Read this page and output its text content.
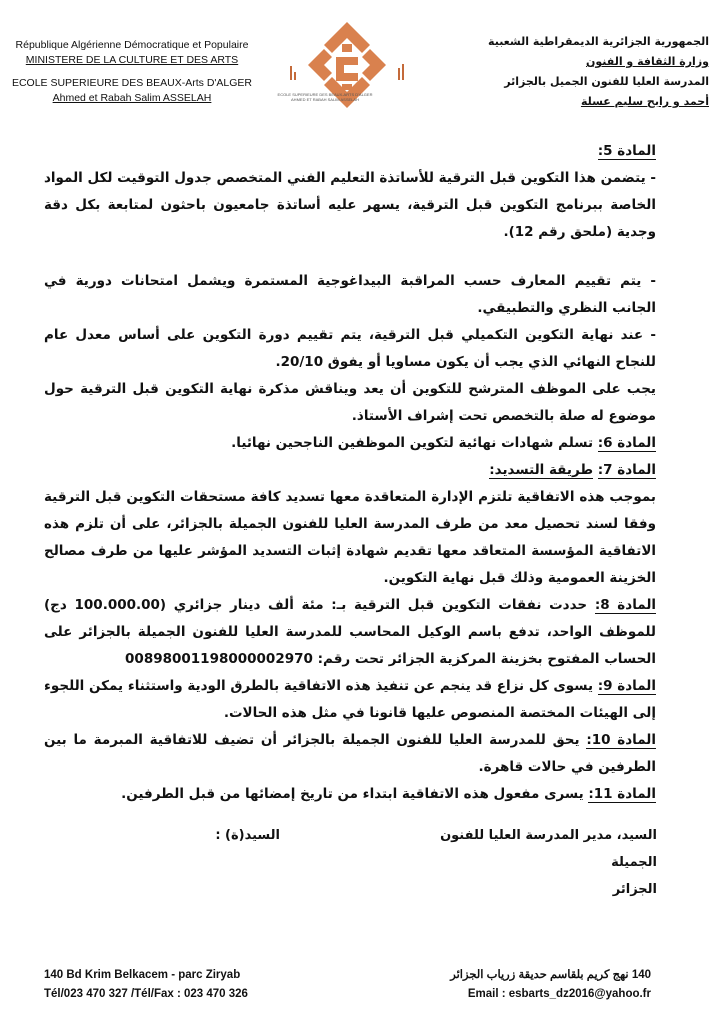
République Algérienne Démocratique et Populaire
MINISTERE DE LA CULTURE ET DES ARTS
ECOLE SUPERIEURE DES BEAUX-Arts D'ALGER
Ahmed et Rabah Salim ASSELAH	ECOLE SUPERIEURE DES BEAUX-ARTS D'ALGER AHMED ET RABAH SALIM ASSELAH
الجمهورية الجزائرية الديمقراطية الشعبية
وزارة الثقافة و الفنون
المدرسة العليا للفنون الجميل بالجزائر
أحمد و رابح سليم عسلة

المادة 5:

- يتضمن هذا التكوين قبل الترقية للأساتذة التعليم الفني المتخصص جدول التوقيت لكل المواد الخاصة ببرنامج التكوين قبل الترقية، يسهر عليه أساتذة جامعيون باحثون لمتابعة بكل دقة وجدية (ملحق رقم 12).

- يتم تقييم المعارف حسب المراقبة البيداغوجية المستمرة ويشمل امتحانات دورية في الجانب النظري والتطبيقي.

- عند نهاية التكوين التكميلي قبل الترقية، يتم تقييم دورة التكوين على أساس معدل عام للنجاح النهائي الذي يجب أن يكون مساويا أو يفوق 20/10.

يجب على الموظف المترشح للتكوين أن يعد ويناقش مذكرة نهاية التكوين قبل الترقية حول موضوع له صلة بالتخصص تحت إشراف الأستاذ.

المادة 6: تسلم شهادات نهائية لتكوين الموظفين الناجحين نهائيا.

المادة 7: طريقة التسديد:

بموجب هذه الاتفاقية تلتزم الإدارة المتعاقدة معها تسديد كافة مستحقات التكوين قبل الترقية وفقا لسند تحصيل معد من طرف المدرسة العليا للفنون الجميلة بالجزائر، على أن تلزم هذه الاتفاقية المؤسسة المتعاقد معها تقديم شهادة إثبات التسديد المؤشر عليها من طرف مصالح الخزينة العمومية وذلك قبل نهاية التكوين.

المادة 8: حددت نفقات التكوين قبل الترقية بـ: مئة ألف دينار جزائري (100.000.00 دج) للموظف الواحد، تدفع باسم الوكيل المحاسب للمدرسة العليا للفنون الجميلة بالجزائر على الحساب المفتوح بخزينة المركزية الجزائر تحت رقم: 00898001198000002970

المادة 9: يسوى كل نزاع قد ينجم عن تنفيذ هذه الاتفاقية بالطرق الودية واستثناء يمكن اللجوء إلى الهيئات المختصة المنصوص عليها قانونا في مثل هذه الحالات.

المادة 10: يحق للمدرسة العليا للفنون الجميلة بالجزائر أن تضيف للاتفاقية المبرمة ما بين الطرفين في حالات قاهرة.

المادة 11: يسرى مفعول هذه الاتفاقية ابتداء من تاريخ إمضائها من قبل الطرفين.

السيد، مدير المدرسة العليا للفنون الجميلة
الجزائر
السيد(ة) :
140 Bd Krim Belkacem - parc Ziryab
Tél/023 470 327 /Tél/Fax : 023 470 326
140 نهج كريم بلقاسم حديقة زرياب الجزائر
Email : esbarts_dz2016@yahoo.fr
